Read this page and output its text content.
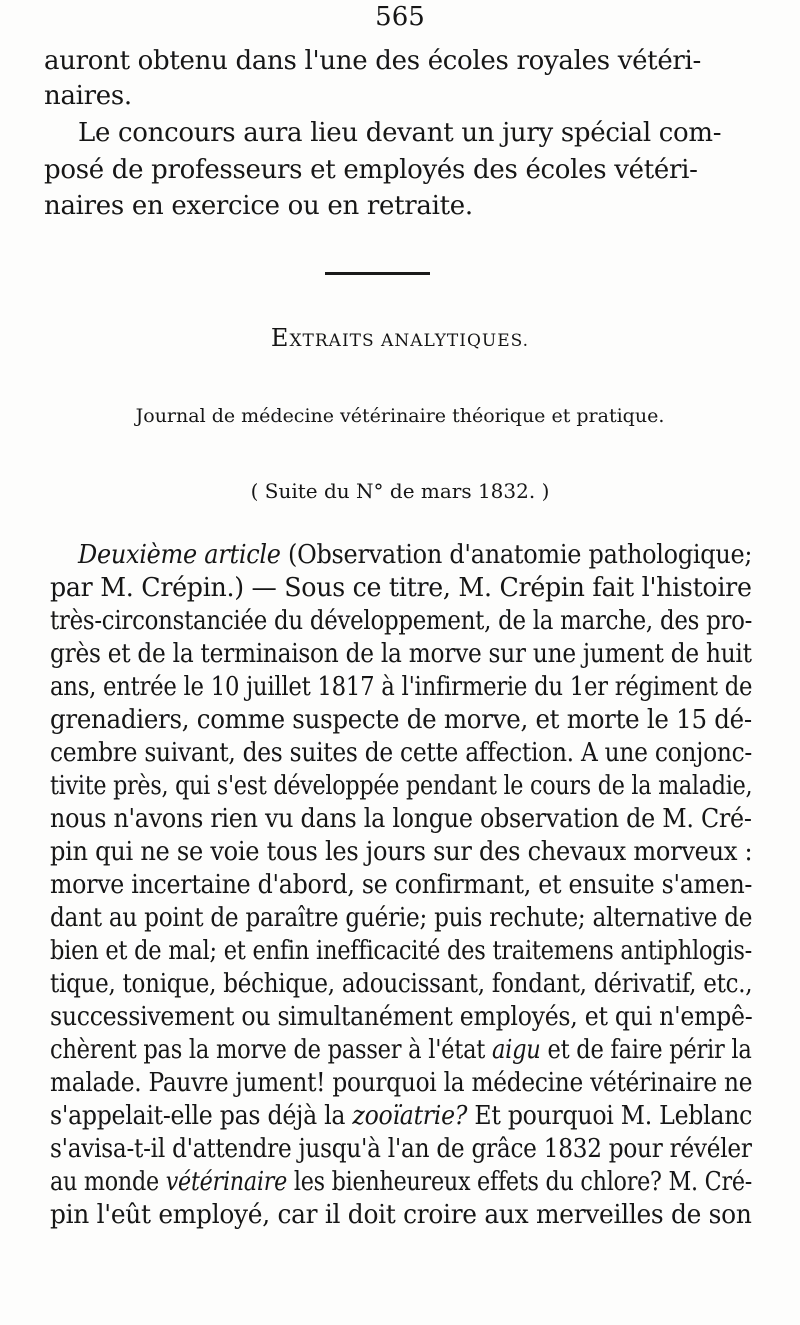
565
auront obtenu dans l'une des écoles royales vétéri-
naires.
Le concours aura lieu devant un jury spécial com-
posé de professeurs et employés des écoles vétéri-
naires en exercice ou en retraite.
EXTRAITS ANALYTIQUES.
Journal de médecine vétérinaire théorique et pratique.
( Suite du N° de mars 1832. )
Deuxième article (Observation d'anatomie pathologique;
par M. Crépin.) — Sous ce titre, M. Crépin fait l'histoire
très-circonstanciée du développement, de la marche, des pro-
grès et de la terminaison de la morve sur une jument de huit
ans, entrée le 10 juillet 1817 à l'infirmerie du 1er régiment de
grenadiers, comme suspecte de morve, et morte le 15 dé-
cembre suivant, des suites de cette affection. A une conjonc-
tivite près, qui s'est développée pendant le cours de la maladie,
nous n'avons rien vu dans la longue observation de M. Cré-
pin qui ne se voie tous les jours sur des chevaux morveux :
morve incertaine d'abord, se confirmant, et ensuite s'amen-
dant au point de paraître guérie; puis rechute; alternative de
bien et de mal; et enfin inefficacité des traitemens antiphlogis-
tique, tonique, béchique, adoucissant, fondant, dérivatif, etc.,
successivement ou simultanément employés, et qui n'empê-
chèrent pas la morve de passer à l'état aigu et de faire périr la
malade. Pauvre jument! pourquoi la médecine vétérinaire ne
s'appelait-elle pas déjà la zooïatrie? Et pourquoi M. Leblanc
s'avisa-t-il d'attendre jusqu'à l'an de grâce 1832 pour révéler
au monde vétérinaire les bienheureux effets du chlore? M. Cré-
pin l'eût employé, car il doit croire aux merveilles de son
